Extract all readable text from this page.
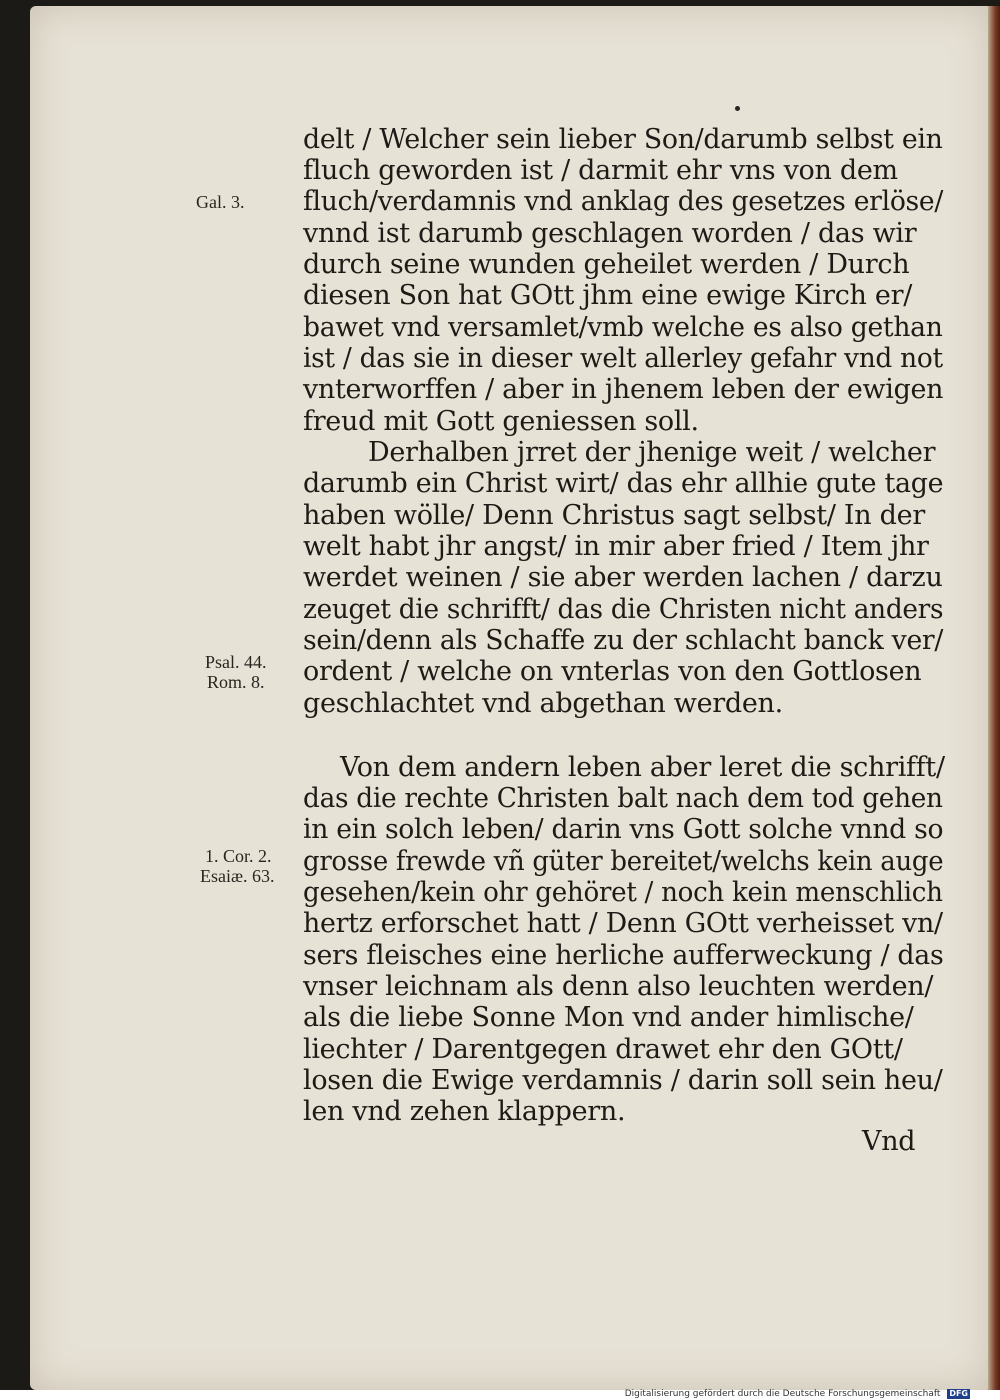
delt / Welcher sein lieber Son/darumb selbst ein
fluch geworden ist / darmit ehr vns von dem
fluch/verdamnis vnd anklag des gesetzes erlöse/
vnnd ist darumb geschlagen worden / das wir
durch seine wunden geheilet werden / Durch
diesen Son hat GOtt jhm eine ewige Kirch er/
bawet vnd versamlet/vmb welche es also gethan
ist / das sie in dieser welt allerley gefahr vnd not
vnterworffen / aber in jhenem leben der ewigen
freud mit Gott geniessen soll.
Derhalben jrret der jhenige weit / welcher
darumb ein Christ wirt/ das ehr allhie gute tage
haben wölle/ Denn Christus sagt selbst/ In der
welt habt jhr angst/ in mir aber fried / Item jhr
werdet weinen / sie aber werden lachen / darzu
zeuget die schrifft/ das die Christen nicht anders
sein/denn als Schaffe zu der schlacht banck ver/
ordent / welche on vnterlas von den Gottlosen
geschlachtet vnd abgethan werden.
Von dem andern leben aber leret die schrifft/
das die rechte Christen balt nach dem tod gehen
in ein solch leben/ darin vns Gott solche vnnd so
grosse frewde vñ güter bereitet/welchs kein auge
gesehen/kein ohr gehöret / noch kein menschlich
hertz erforschet hatt / Denn GOtt verheisset vn/
sers fleisches eine herliche aufferweckung / das
vnser leichnam als denn also leuchten werden/
als die liebe Sonne Mon vnd ander himlische/
liechter / Darentgegen drawet ehr den GOtt/
losen die Ewige verdamnis / darin soll sein heu/
len vnd zehen klappern.
Vnd
Gal. 3.
Psal. 44.
Rom. 8.
1. Cor. 2.
Esaiæ. 63.
Digitalisierung gefördert durch die Deutsche Forschungsgemeinschaft DFG
